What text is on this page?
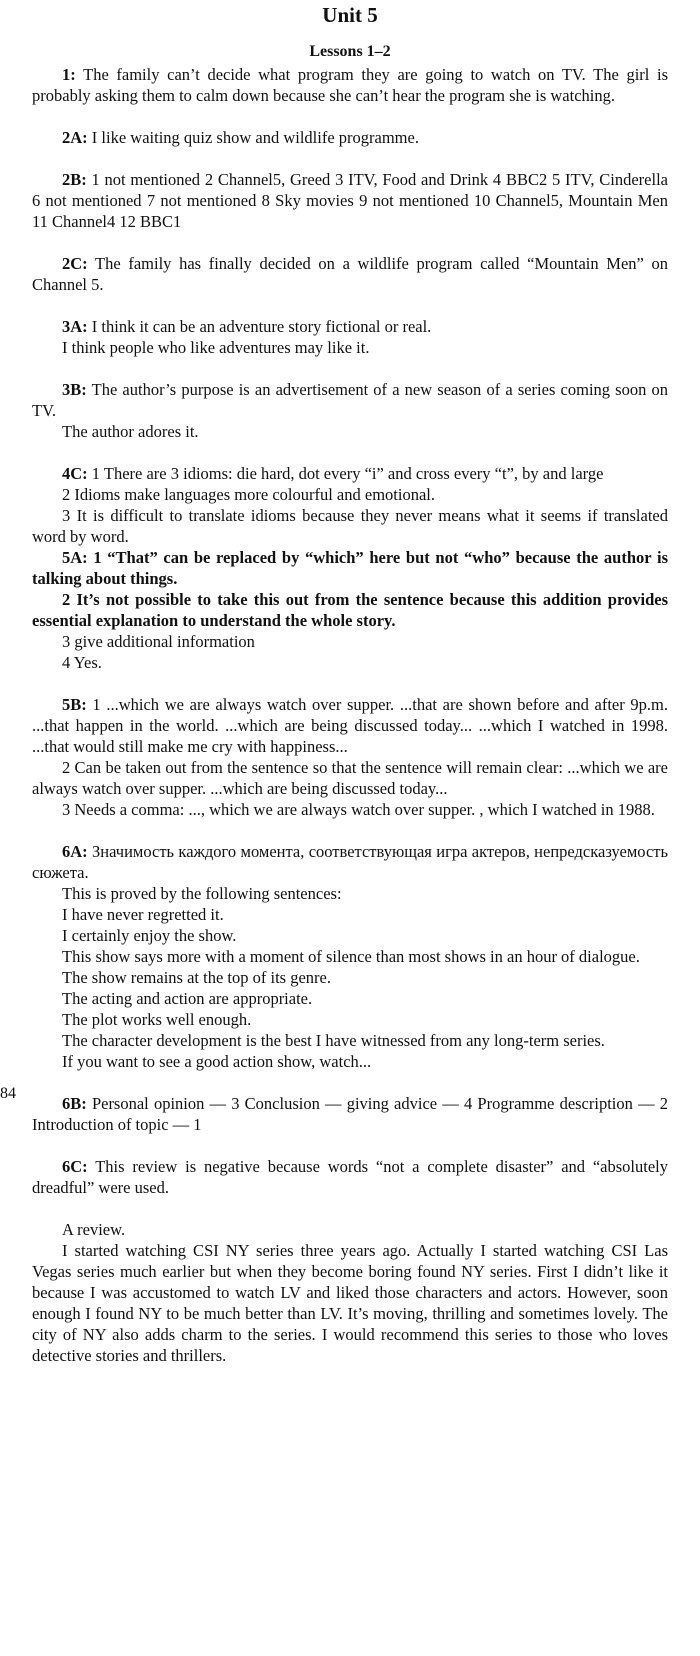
Unit 5
Lessons 1–2
84

1: The family can’t decide what program they are going to watch on TV. The girl is probably asking them to calm down because she can’t hear the program she is watching.

2A: I like waiting quiz show and wildlife programme.

2B: 1 not mentioned 2 Channel5, Greed 3 ITV, Food and Drink 4 BBC2 5 ITV, Cinderella 6 not mentioned 7 not mentioned 8 Sky movies 9 not mentioned 10 Channel5, Mountain Men 11 Channel4 12 BBC1

2C: The family has finally decided on a wildlife program called “Mountain Men” on Channel 5.

3A: I think it can be an adventure story fictional or real.

I think people who like adventures may like it.

3B: The author’s purpose is an advertisement of a new season of a series coming soon on TV.

The author adores it.

4C: 1 There are 3 idioms: die hard, dot every “i” and cross every “t”, by and large

2 Idioms make languages more colourful and emotional.

3 It is difficult to translate idioms because they never means what it seems if translated word by word.

5A: 1 “That” can be replaced by “which” here but not “who” because the author is talking about things.

2 It’s not possible to take this out from the sentence because this addition provides essential explanation to understand the whole story.

3 give additional information

4 Yes.

5B: 1 ...which we are always watch over supper. ...that are shown before and after 9p.m. ...that happen in the world. ...which are being discussed today... ...which I watched in 1998. ...that would still make me cry with happiness...

2 Can be taken out from the sentence so that the sentence will remain clear: ...which we are always watch over supper. ...which are being discussed today...

3 Needs a comma: ..., which we are always watch over supper. , which I watched in 1988.

6A: Значимость каждого момента, соответствующая игра актеров, непредсказуемость сюжета.

This is proved by the following sentences:

I have never regretted it.

I certainly enjoy the show.

This show says more with a moment of silence than most shows in an hour of dialogue.

The show remains at the top of its genre.

The acting and action are appropriate.

The plot works well enough.

The character development is the best I have witnessed from any long-term series.

If you want to see a good action show, watch...

6B: Personal opinion — 3 Conclusion — giving advice — 4 Programme description — 2 Introduction of topic — 1

6C: This review is negative because words “not a complete disaster” and “absolutely dreadful” were used.

A review.

I started watching CSI NY series three years ago. Actually I started watching CSI Las Vegas series much earlier but when they become boring found NY series. First I didn’t like it because I was accustomed to watch LV and liked those characters and actors. However, soon enough I found NY to be much better than LV. It’s moving, thrilling and sometimes lovely. The city of NY also adds charm to the series. I would recommend this series to those who loves detective stories and thrillers.
